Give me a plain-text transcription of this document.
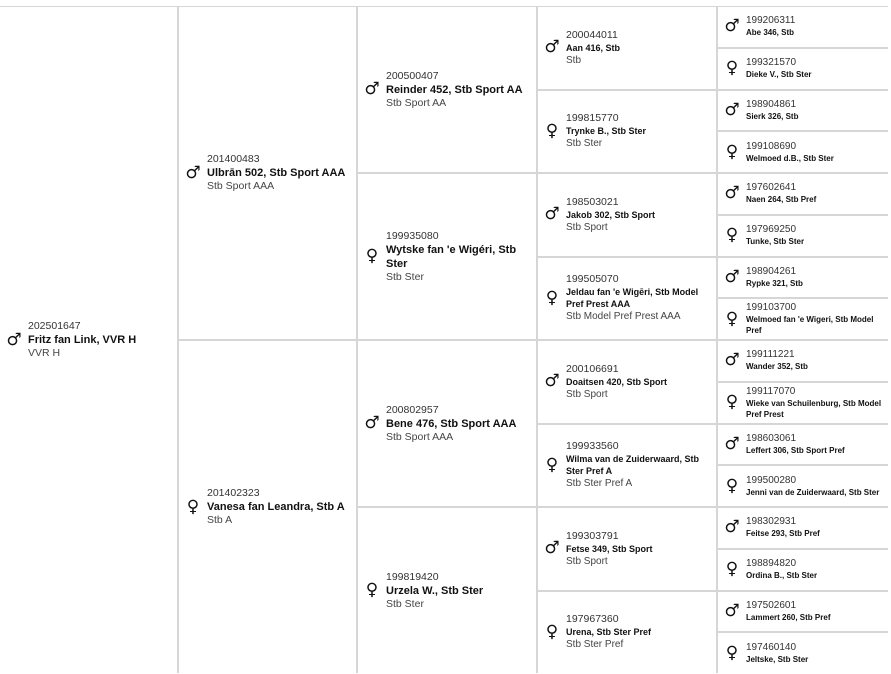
♂
202501647
Fritz fan Link, VVR H
VVR H
♂
201400483
Ulbrān 502, Stb Sport AAA
Stb Sport AAA
♀
201402323
Vanesa fan Leandra, Stb A
Stb A
♂
200500407
Reinder 452, Stb Sport AA
Stb Sport AA
♀
199935080
Wytske fan 'e Wigéri, Stb Ster
Stb Ster
♂
200802957
Bene 476, Stb Sport AAA
Stb Sport AAA
♀
199819420
Urzela W., Stb Ster
Stb Ster
♂
200044011
Aan 416, Stb
Stb
♀
199815770
Trynke B., Stb Ster
Stb Ster
♂
198503021
Jakob 302, Stb Sport
Stb Sport
♀
199505070
Jeldau fan 'e Wigēri, Stb Model Pref Prest AAA
Stb Model Pref Prest AAA
♂
200106691
Doaitsen 420, Stb Sport
Stb Sport
♀
199933560
Wilma van de Zuiderwaard, Stb Ster Pref A
Stb Ster Pref A
♂
199303791
Fetse 349, Stb Sport
Stb Sport
♀
197967360
Urena, Stb Ster Pref
Stb Ster Pref
♂ 199206311
Abe 346, Stb
♀ 199321570
Dieke V., Stb Ster
♂ 198904861
Sierk 326, Stb
♀ 199108690
Welmoed d.B., Stb Ster
♂ 197602641
Naen 264, Stb Pref
♀ 197969250
Tunke, Stb Ster
♂ 198904261
Rypke 321, Stb
♀
199103700
Welmoed fan 'e Wigeri, Stb Model Pref
♂ 199111221
Wander 352, Stb
♀
199117070
Wieke van Schuilenburg, Stb Model Pref Prest
♂ 198603061
Leffert 306, Stb Sport Pref
♀ 199500280
Jenni van de Zuiderwaard, Stb Ster
♂ 198302931
Feitse 293, Stb Pref
♀ 198894820
Ordina B., Stb Ster
♂ 197502601
Lammert 260, Stb Pref
♀ 197460140
Jeltske, Stb Ster
